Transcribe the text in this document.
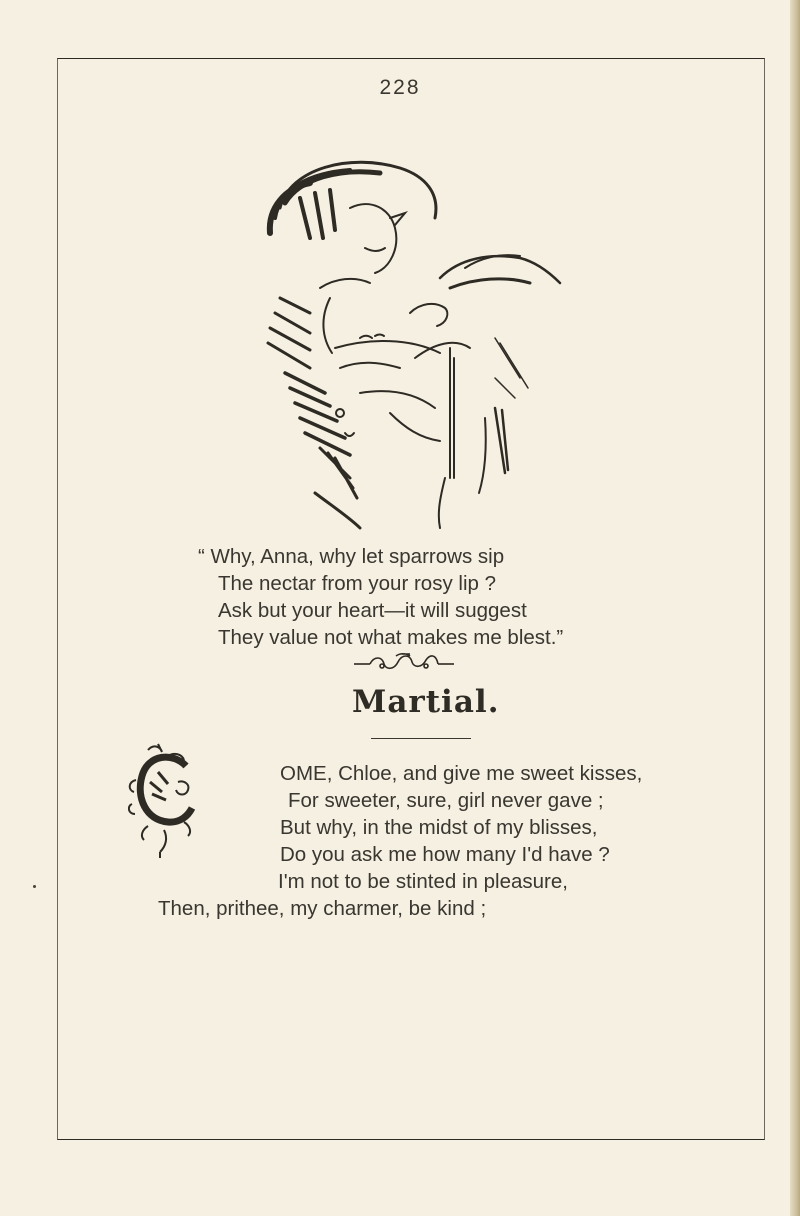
228
“ Why, Anna, why let sparrows sip
The nectar from your rosy lip ?
Ask but your heart—it will suggest
They value not what makes me blest.”
Martial.
OME, Chloe, and give me sweet kisses,
For sweeter, sure, girl never gave ;
But why, in the midst of my blisses,
Do you ask me how many I'd have ?
I'm not to be stinted in pleasure,
Then, prithee, my charmer, be kind ;
